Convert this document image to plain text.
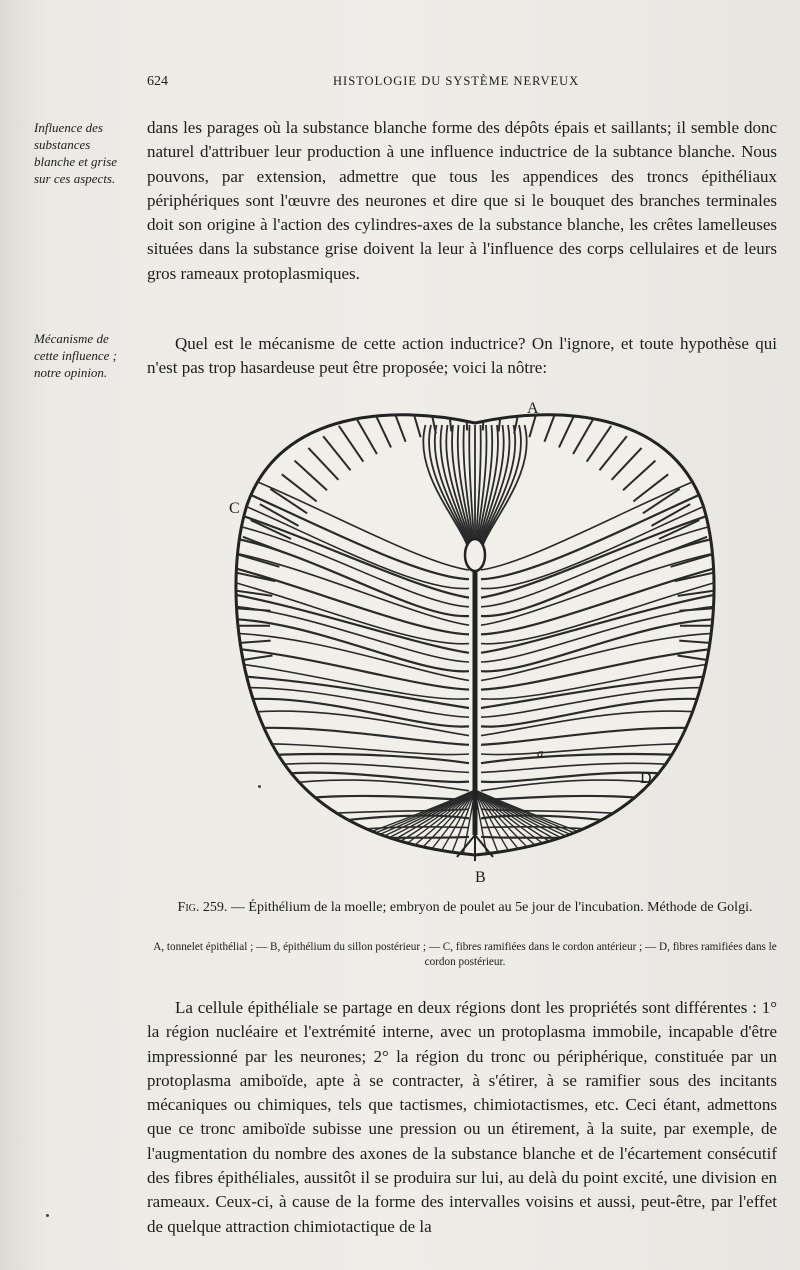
624	HISTOLOGIE DU SYSTÈME NERVEUX
Influence des substances blanche et grise sur ces aspects.
Mécanisme de cette influence ; notre opinion.

dans les parages où la substance blanche forme des dépôts épais et saillants; il semble donc naturel d'attribuer leur production à une influence inductrice de la subtance blanche. Nous pouvons, par extension, admettre que tous les appendices des troncs épithéliaux périphériques sont l'œuvre des neurones et dire que si le bouquet des branches terminales doit son origine à l'action des cylindres-axes de la substance blanche, les crêtes lamelleuses situées dans la substance grise doivent la leur à l'influence des corps cellulaires et de leurs gros rameaux protoplasmiques.

Quel est le mécanisme de cette action inductrice? On l'ignore, et toute hypothèse qui n'est pas trop hasardeuse peut être proposée; voici la nôtre:

A
C
D
B
a
Fig. 259. — Épithélium de la moelle; embryon de poulet au 5e jour de l'incubation. Méthode de Golgi.
A, tonnelet épithélial ; — B, épithélium du sillon postérieur ; — C, fibres ramifiées dans le cordon antérieur ; — D, fibres ramifiées dans le cordon postérieur.

La cellule épithéliale se partage en deux régions dont les propriétés sont différentes : 1° la région nucléaire et l'extrémité interne, avec un protoplasma immobile, incapable d'être impressionné par les neurones; 2° la région du tronc ou périphérique, constituée par un protoplasma amiboïde, apte à se contracter, à s'étirer, à se ramifier sous des incitants mécaniques ou chimiques, tels que tactismes, chimiotactismes, etc. Ceci étant, admettons que ce tronc amiboïde subisse une pression ou un étirement, à la suite, par exemple, de l'augmentation du nombre des axones de la substance blanche et de l'écartement consécutif des fibres épithéliales, aussitôt il se produira sur lui, au delà du point excité, une division en rameaux. Ceux-ci, à cause de la forme des intervalles voisins et aussi, peut-être, par l'effet de quelque attraction chimiotactique de la
